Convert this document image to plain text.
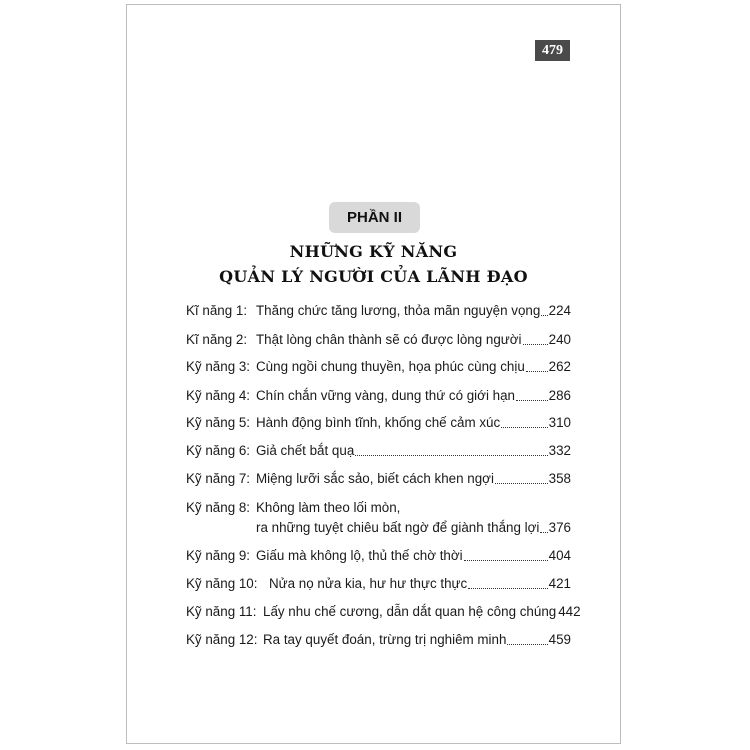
479
PHẦN II
NHỮNG KỸ NĂNG
QUẢN LÝ NGƯỜI CỦA LÃNH ĐẠO
Kĩ năng 1: Thăng chức tăng lương, thỏa mãn nguyện vọng 224
Kĩ năng 2: Thật lòng chân thành sẽ có được lòng người 240
Kỹ năng 3: Cùng ngồi chung thuyền, họa phúc cùng chịu 262
Kỹ năng 4: Chín chắn vững vàng, dung thứ có giới hạn	286
Kỹ năng 5: Hành động bình tĩnh, khống chế cảm xúc	310
Kỹ năng 6: Giả chết bắt quạ	332
Kỹ năng 7: Miệng lưỡi sắc sảo, biết cách khen ngợi	358
Kỹ năng 8: Không làm theo lối mòn,
ra những tuyệt chiêu bất ngờ để giành thắng lợi 376
Kỹ năng 9: Giấu mà không lộ, thủ thế chờ thời	404
Kỹ năng 10: Nửa nọ nửa kia, hư hư thực thực	421
Kỹ năng 11: Lấy nhu chế cương, dẫn dắt quan hệ công chúng 442
Kỹ năng 12: Ra tay quyết đoán, trừng trị nghiêm minh	459
